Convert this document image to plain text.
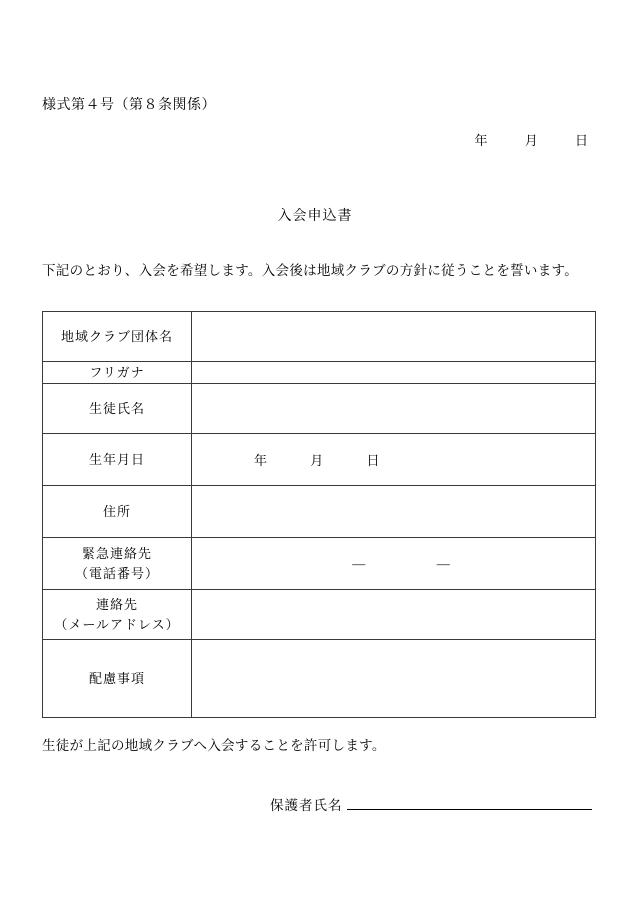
様式第４号（第８条関係）
年	月	日
入会申込書
下記のとおり、入会を希望します。入会後は地域クラブの方針に従うことを誓います。
地域クラブ団体名	

フリガナ	

生徒氏名	

生年月日	年 月 日

住所	

緊急連絡先
（電話番号）	― ―

連絡先
（メールアドレス）	

配慮事項	

生徒が上記の地域クラブへ入会することを許可します。
保護者氏名
